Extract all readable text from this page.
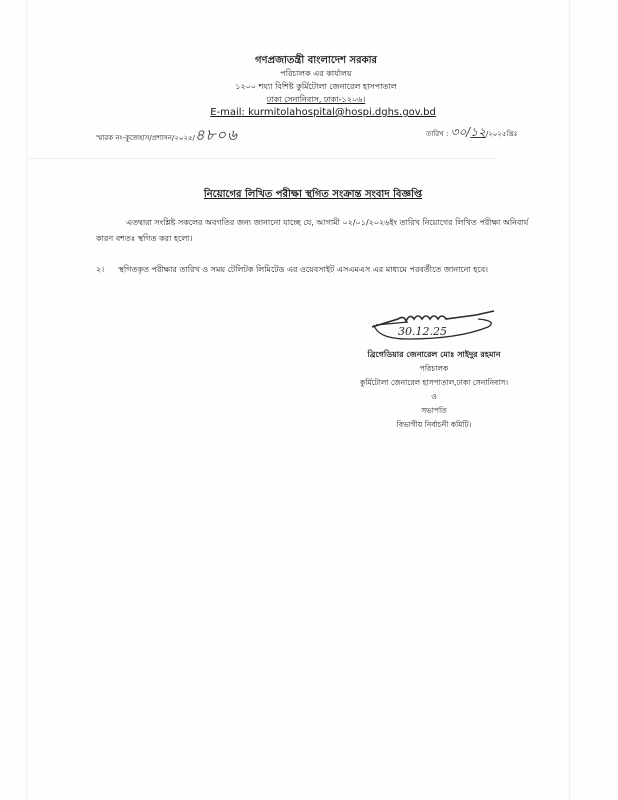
গণপ্রজাতন্ত্রী বাংলাদেশ সরকার
পরিচালক এর কার্যালয়
১২০০ শয্যা বিশিষ্ট কুর্মিটোলা জেনারেল হাসপাতাল
ঢাকা সেনানিবাস, ঢাকা-১২০৬।
E-mail: kurmitolahospital@hospi.dghs.gov.bd
স্মারক নং-কুজেহাস/প্রশাসন/২০২৫/৪৮০৬	তারিখ : ৩০/১২/২০২৫খ্রিঃ
নিয়োগের লিখিত পরীক্ষা স্থগিত সংক্রান্ত সংবাদ বিজ্ঞপ্তি
এতদ্বারা সংশ্লিষ্ট সকলের অবগতির জন্য জানানো যাচ্ছে যে, আগামী ০২/০১/২০২৬ইং তারিখ নিয়োগের লিখিত পরীক্ষা অনিবার্য কারণ বশতঃ স্থগিত করা হলো।
২। স্থগিতকৃত পরীক্ষার তারিখ ও সময় টেলিটক লিমিটেড এর ওয়েবসাইট এসএমএস এর মাধ্যমে পরবর্তীতে জানানো হবে।
30.12.25
ব্রিগেডিয়ার জেনারেল মোঃ সাইদুর রহমান
পরিচালক
কুর্মিটোলা জেনারেল হাসপাতাল,ঢাকা সেনানিবাস।
ও
সভাপতি
বিভাগীয় নির্বাচনী কমিটি।
